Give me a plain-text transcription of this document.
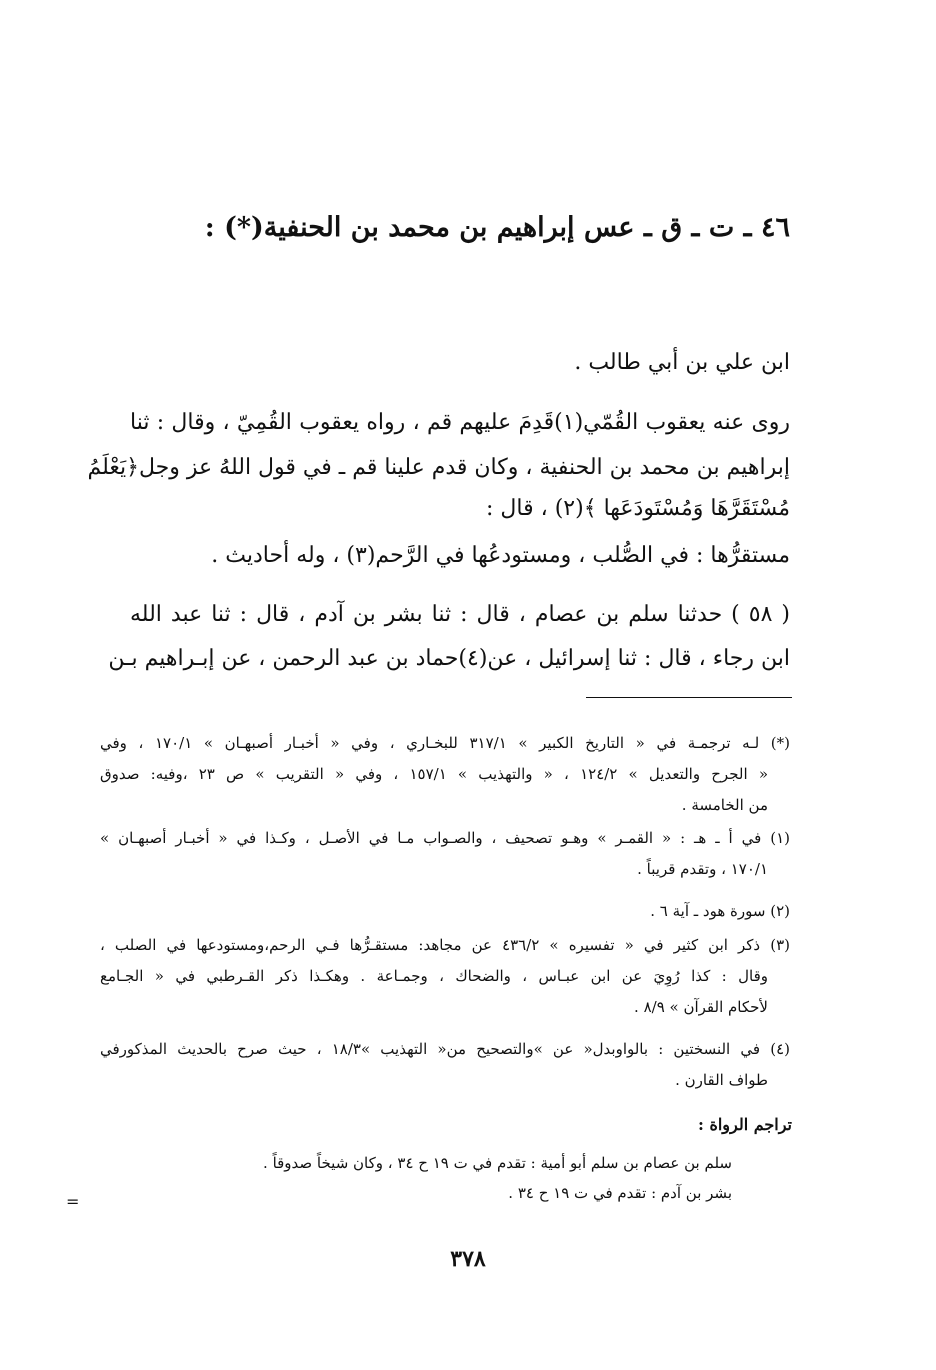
٤٦ ـ ت ـ ق ـ عس إبراهيم بن محمد بن الحنفية(*) :
ابن علي بن أبي طالب .
روى عنه يعقوب القُمّي(١)قَدِمَ عليهم قم ، رواه يعقوب القُمِيّ ، وقال : ثنا
إبراهيم بن محمد بن الحنفية ، وكان قدم علينا قم ـ في قول اللهُ عز وجل﴿يَعْلَمُ
مُسْتَقَرَّهَا وَمُسْتَودَعَها ﴾(٢) ، قال :
مستقرُّها : في الصُّلب ، ومستودعُها في الرَّحم(٣) ، وله أحاديث .
( ٥٨ ) حدثنا سلم بن عصام ، قال : ثنا بشر بن آدم ، قال : ثنا عبد الله
ابن رجاء ، قال : ثنا إسرائيل ، عن(٤)حماد بن عبد الرحمن ، عن إبـراهيم بـن
(*) لـه ترجمـة في « التاريخ الكبير » ٣١٧/١ للبخـاري ، وفي « أخبـار أصبهـان » ١٧٠/١ ، وفي
« الجرح والتعديل » ١٢٤/٢ ، « والتهذيب » ١٥٧/١ ، وفي « التقريب » ص ٢٣ ،وفيه: صدوق
من الخامسة .
(١) في أ ـ هـ : « القمـر » وهـو تصحيف ، والصـواب مـا في الأصـل ، وكـذا في « أخبـار أصبهـان »
١٧٠/١ ، وتقدم قريباً .
(٢) سورة هود ـ آية ٦ .
(٣) ذكر ابن كثير في « تفسيره » ٤٣٦/٢ عن مجاهد: مستقـرُّها فـي الرحم،ومستودعها في الصلب ،
وقال : كذا رُوِيَ عن ابن عبـاس ، والضحاك ، وجمـاعة . وهكـذا ذكر القـرطبي في « الجـامع
لأحكام القرآن » ٨/٩ .
(٤) في النسختين : بالواوبدل« عن »والتصحيح من« التهذيب »١٨/٣ ، حيث صرح بالحديث المذكورفي
طواف القارن .
تراجم الرواة :
سلم بن عصام بن سلم أبو أمية : تقدم في ت ١٩ ح ٣٤ ، وكان شيخاً صدوقاً .
بشر بن آدم : تقدم في ت ١٩ ح ٣٤ .
=
٣٧٨
